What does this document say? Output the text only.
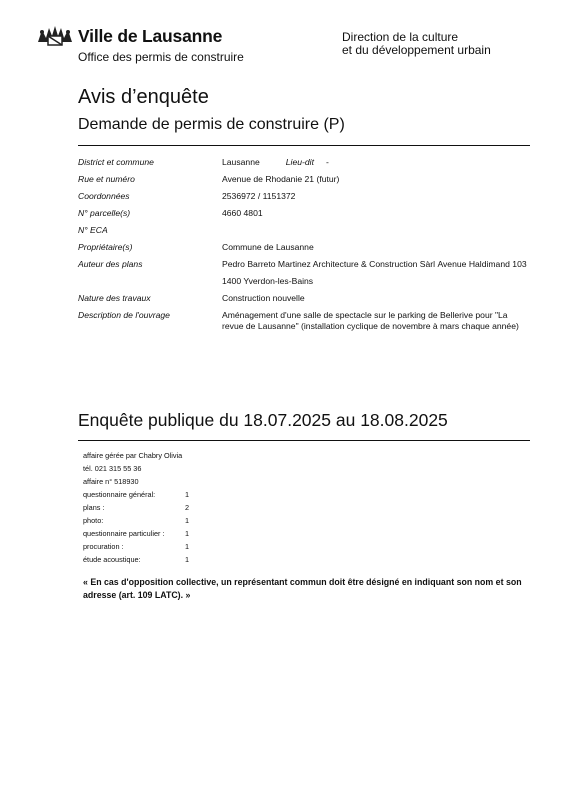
Ville de Lausanne
Office des permis de construire
Direction de la culture
et du développement urbain
Avis d’enquête
Demande de permis de construire (P)
District et commune	Lausanne	Lieu-dit -
Rue et numéro	Avenue de Rhodanie 21 (futur)
Coordonnées	2536972 / 1151372
N° parcelle(s)	4660 4801
N° ECA
Propriétaire(s)	Commune de Lausanne
Auteur des plans	Pedro Barreto Martinez Architecture & Construction Sàrl Avenue Haldimand 103 1400 Yverdon-les-Bains
Nature des travaux	Construction nouvelle
Description de l'ouvrage	Aménagement d'une salle de spectacle sur le parking de Bellerive pour "La revue de Lausanne" (installation cyclique de novembre à mars chaque année)
Enquête publique du 18.07.2025 au 18.08.2025
affaire gérée par Chabry Olivia
tél. 021 315 55 36
affaire n° 518930
questionnaire général:	1
plans :	2
photo:	1
questionnaire particulier :	1
procuration :	1
étude acoustique:	1
« En cas d'opposition collective, un représentant commun doit être désigné en indiquant son nom et son adresse (art. 109 LATC). »
